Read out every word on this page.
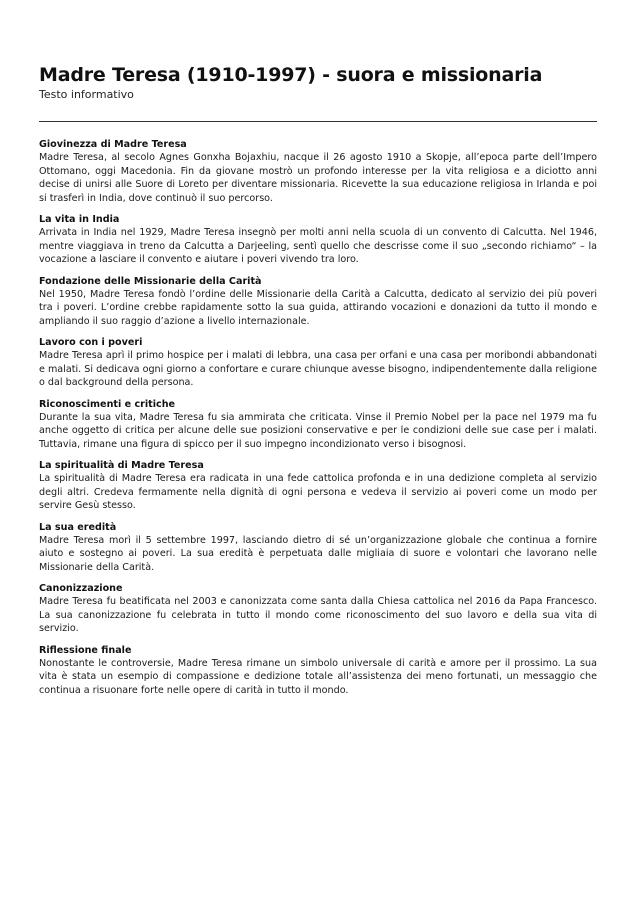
Madre Teresa (1910-1997) - suora e missionaria

Testo informativo

Giovinezza di Madre Teresa

Madre Teresa, al secolo Agnes Gonxha Bojaxhiu, nacque il 26 agosto 1910 a Skopje, all’epoca parte dell’Impero Ottomano, oggi Macedonia. Fin da giovane mostrò un profondo interesse per la vita religiosa e a diciotto anni decise di unirsi alle Suore di Loreto per diventare missionaria. Ricevette la sua educazione religiosa in Irlanda e poi si trasferì in India, dove continuò il suo percorso.

La vita in India

Arrivata in India nel 1929, Madre Teresa insegnò per molti anni nella scuola di un convento di Calcutta. Nel 1946, mentre viaggiava in treno da Calcutta a Darjeeling, sentì quello che descrisse come il suo „secondo richiamo“ – la vocazione a lasciare il convento e aiutare i poveri vivendo tra loro.

Fondazione delle Missionarie della Carità

Nel 1950, Madre Teresa fondò l’ordine delle Missionarie della Carità a Calcutta, dedicato al servizio dei più poveri tra i poveri. L’ordine crebbe rapidamente sotto la sua guida, attirando vocazioni e donazioni da tutto il mondo e ampliando il suo raggio d’azione a livello internazionale.

Lavoro con i poveri

Madre Teresa aprì il primo hospice per i malati di lebbra, una casa per orfani e una casa per moribondi abbandonati e malati. Si dedicava ogni giorno a confortare e curare chiunque avesse bisogno, indipendentemente dalla religione o dal background della persona.

Riconoscimenti e critiche

Durante la sua vita, Madre Teresa fu sia ammirata che criticata. Vinse il Premio Nobel per la pace nel 1979 ma fu anche oggetto di critica per alcune delle sue posizioni conservative e per le condizioni delle sue case per i malati. Tuttavia, rimane una figura di spicco per il suo impegno incondizionato verso i bisognosi.

La spiritualità di Madre Teresa

La spiritualità di Madre Teresa era radicata in una fede cattolica profonda e in una dedizione completa al servizio degli altri. Credeva fermamente nella dignità di ogni persona e vedeva il servizio ai poveri come un modo per servire Gesù stesso.

La sua eredità

Madre Teresa morì il 5 settembre 1997, lasciando dietro di sé un’organizzazione globale che continua a fornire aiuto e sostegno ai poveri. La sua eredità è perpetuata dalle migliaia di suore e volontari che lavorano nelle Missionarie della Carità.

Canonizzazione

Madre Teresa fu beatificata nel 2003 e canonizzata come santa dalla Chiesa cattolica nel 2016 da Papa Francesco. La sua canonizzazione fu celebrata in tutto il mondo come riconoscimento del suo lavoro e della sua vita di servizio.

Riflessione finale

Nonostante le controversie, Madre Teresa rimane un simbolo universale di carità e amore per il prossimo. La sua vita è stata un esempio di compassione e dedizione totale all’assistenza dei meno fortunati, un messaggio che continua a risuonare forte nelle opere di carità in tutto il mondo.
